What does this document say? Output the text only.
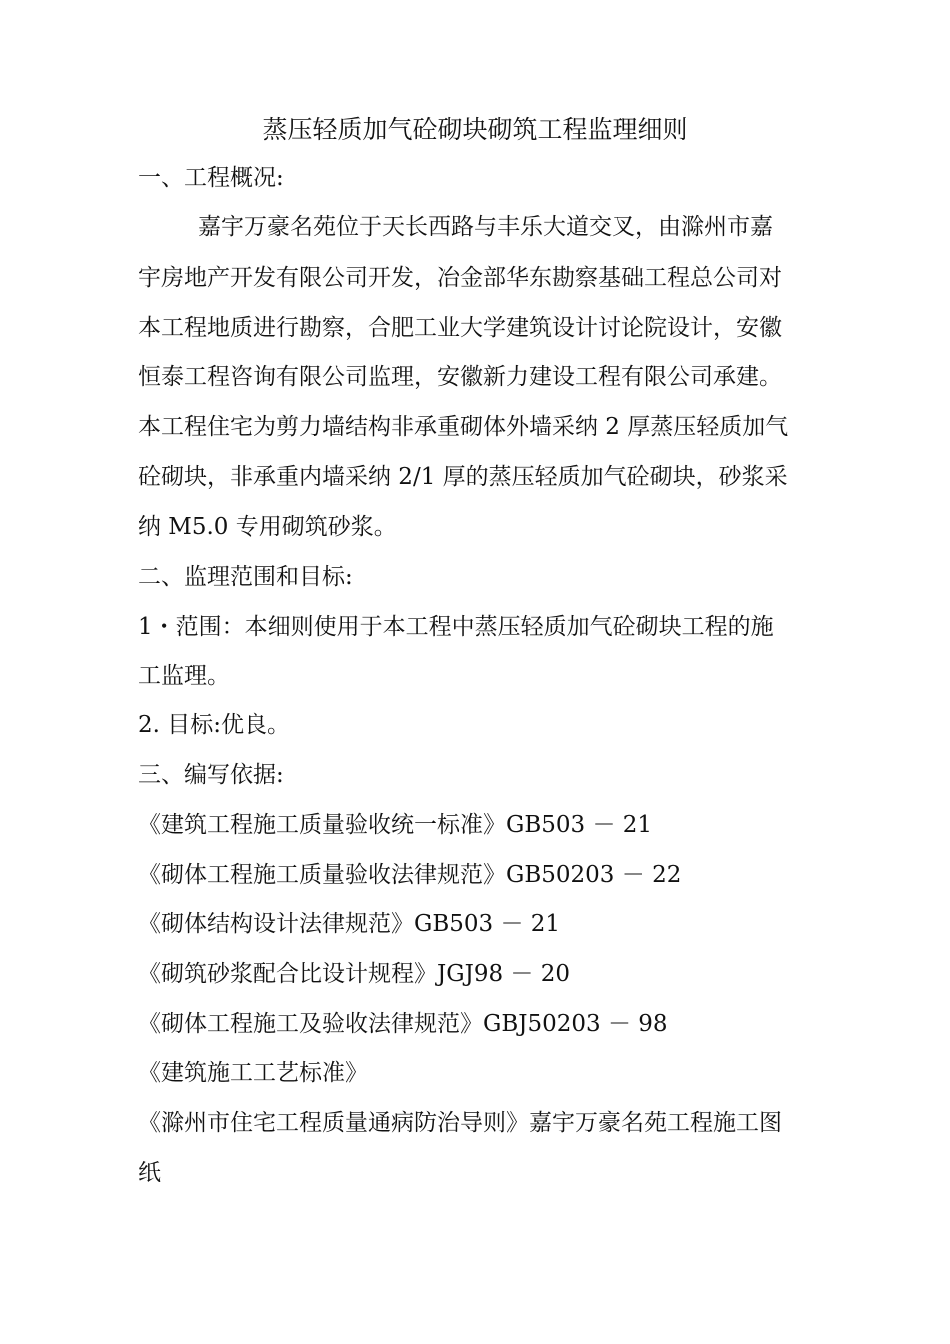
蒸压轻质加气砼砌块砌筑工程监理细则
一、工程概况:
嘉宇万豪名苑位于天长西路与丰乐大道交叉，由滁州市嘉
宇房地产开发有限公司开发，冶金部华东勘察基础工程总公司对
本工程地质进行勘察，合肥工业大学建筑设计讨论院设计，安徽
恒泰工程咨询有限公司监理，安徽新力建设工程有限公司承建。
本工程住宅为剪力墙结构非承重砌体外墙采纳 2 厚蒸压轻质加气
砼砌块，非承重内墙采纳 2/1 厚的蒸压轻质加气砼砌块，砂浆采
纳 M5.0 专用砌筑砂浆。
二、监理范围和目标:
1・范围：本细则使用于本工程中蒸压轻质加气砼砌块工程的施
工监理。
2. 目标:优良。
三、编写依据:
《建筑工程施工质量验收统一标准》GB503 － 21
《砌体工程施工质量验收法律规范》GB50203 － 22
《砌体结构设计法律规范》GB503 － 21
《砌筑砂浆配合比设计规程》JGJ98 － 20
《砌体工程施工及验收法律规范》GBJ50203 － 98
《建筑施工工艺标准》
《滁州市住宅工程质量通病防治导则》嘉宇万豪名苑工程施工图
纸
